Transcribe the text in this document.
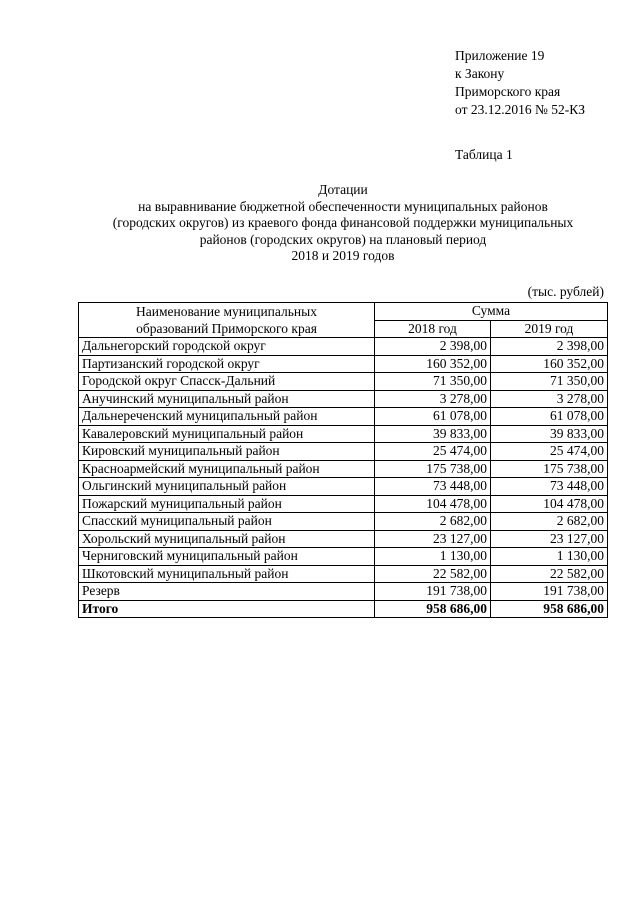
Приложение 19
к Закону
Приморского края
от 23.12.2016 № 52-КЗ
Таблица 1
Дотации
на выравнивание бюджетной обеспеченности муниципальных районов
(городских округов) из краевого фонда финансовой поддержки муниципальных
районов (городских округов) на плановый период
2018 и 2019 годов
(тыс. рублей)
Наименование муниципальных
образований Приморского края	Сумма	
	2018 год	2019 год
Дальнегорский городской округ	2 398,00	2 398,00
Партизанский городской округ	160 352,00	160 352,00
Городской округ Спасск-Дальний	71 350,00	71 350,00
Анучинский муниципальный район	3 278,00	3 278,00
Дальнереченский муниципальный район	61 078,00	61 078,00
Кавалеровский муниципальный район	39 833,00	39 833,00
Кировский муниципальный район	25 474,00	25 474,00
Красноармейский муниципальный район	175 738,00	175 738,00
Ольгинский муниципальный район	73 448,00	73 448,00
Пожарский муниципальный район	104 478,00	104 478,00
Спасский муниципальный район	2 682,00	2 682,00
Хорольский муниципальный район	23 127,00	23 127,00
Черниговский муниципальный район	1 130,00	1 130,00
Шкотовский муниципальный район	22 582,00	22 582,00
Резерв	191 738,00	191 738,00
Итого	958 686,00	958 686,00
